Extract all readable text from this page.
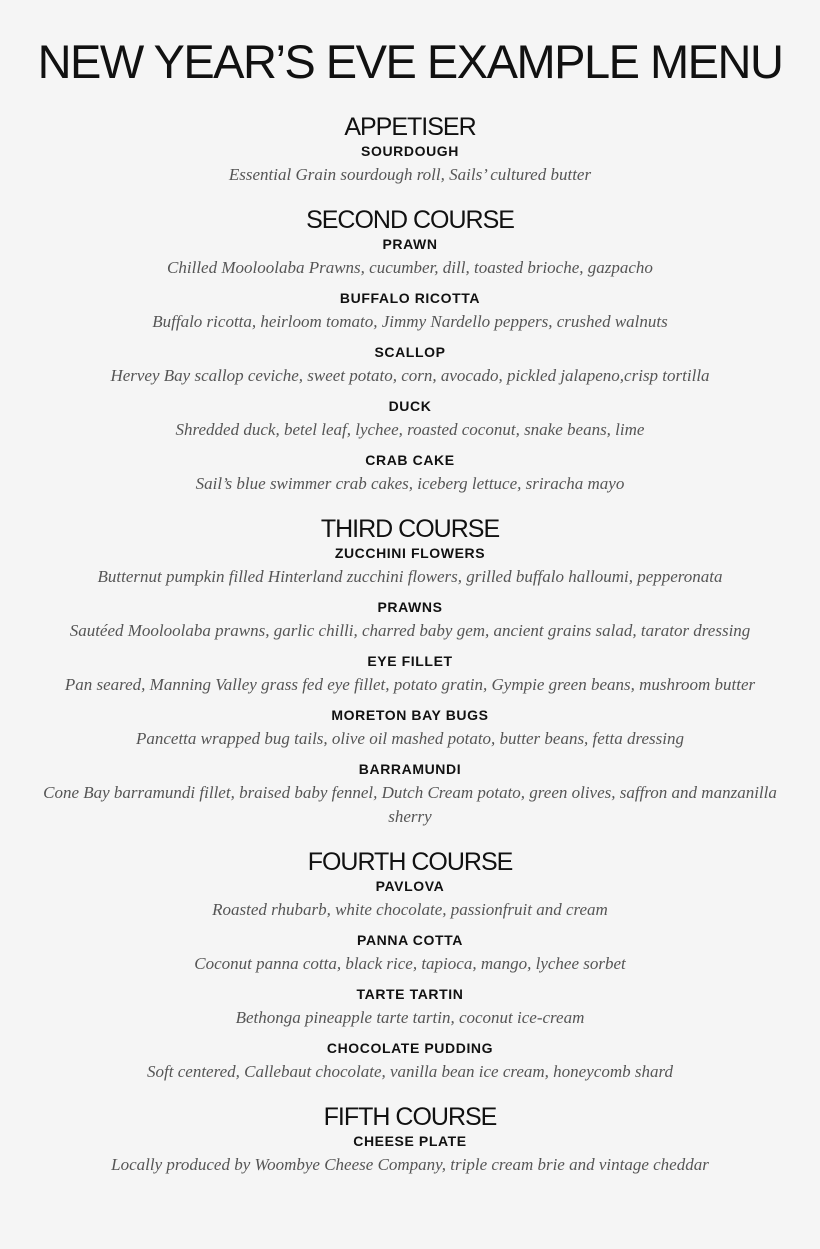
NEW YEAR’S EVE EXAMPLE MENU
APPETISER
SOURDOUGH
Essential Grain sourdough roll, Sails’ cultured butter
SECOND COURSE
PRAWN
Chilled Mooloolaba Prawns, cucumber, dill, toasted brioche, gazpacho
BUFFALO RICOTTA
Buffalo ricotta, heirloom tomato, Jimmy Nardello peppers, crushed walnuts
SCALLOP
Hervey Bay scallop ceviche, sweet potato, corn, avocado, pickled jalapeno,crisp tortilla
DUCK
Shredded duck, betel leaf, lychee, roasted coconut, snake beans, lime
CRAB CAKE
Sail’s blue swimmer crab cakes, iceberg lettuce, sriracha mayo
THIRD COURSE
ZUCCHINI FLOWERS
Butternut pumpkin filled Hinterland zucchini flowers, grilled buffalo halloumi, pepperonata
PRAWNS
Sautéed Mooloolaba prawns, garlic chilli, charred baby gem, ancient grains salad, tarator dressing
EYE FILLET
Pan seared, Manning Valley grass fed eye fillet, potato gratin, Gympie green beans, mushroom butter
MORETON BAY BUGS
Pancetta wrapped bug tails, olive oil mashed potato, butter beans, fetta dressing
BARRAMUNDI
Cone Bay barramundi fillet, braised baby fennel, Dutch Cream potato, green olives, saffron and manzanilla sherry
FOURTH COURSE
PAVLOVA
Roasted rhubarb, white chocolate, passionfruit and cream
PANNA COTTA
Coconut panna cotta, black rice, tapioca, mango, lychee sorbet
TARTE TARTIN
Bethonga pineapple tarte tartin, coconut ice-cream
CHOCOLATE PUDDING
Soft centered, Callebaut chocolate, vanilla bean ice cream, honeycomb shard
FIFTH COURSE
CHEESE PLATE
Locally produced by Woombye Cheese Company, triple cream brie and vintage cheddar
